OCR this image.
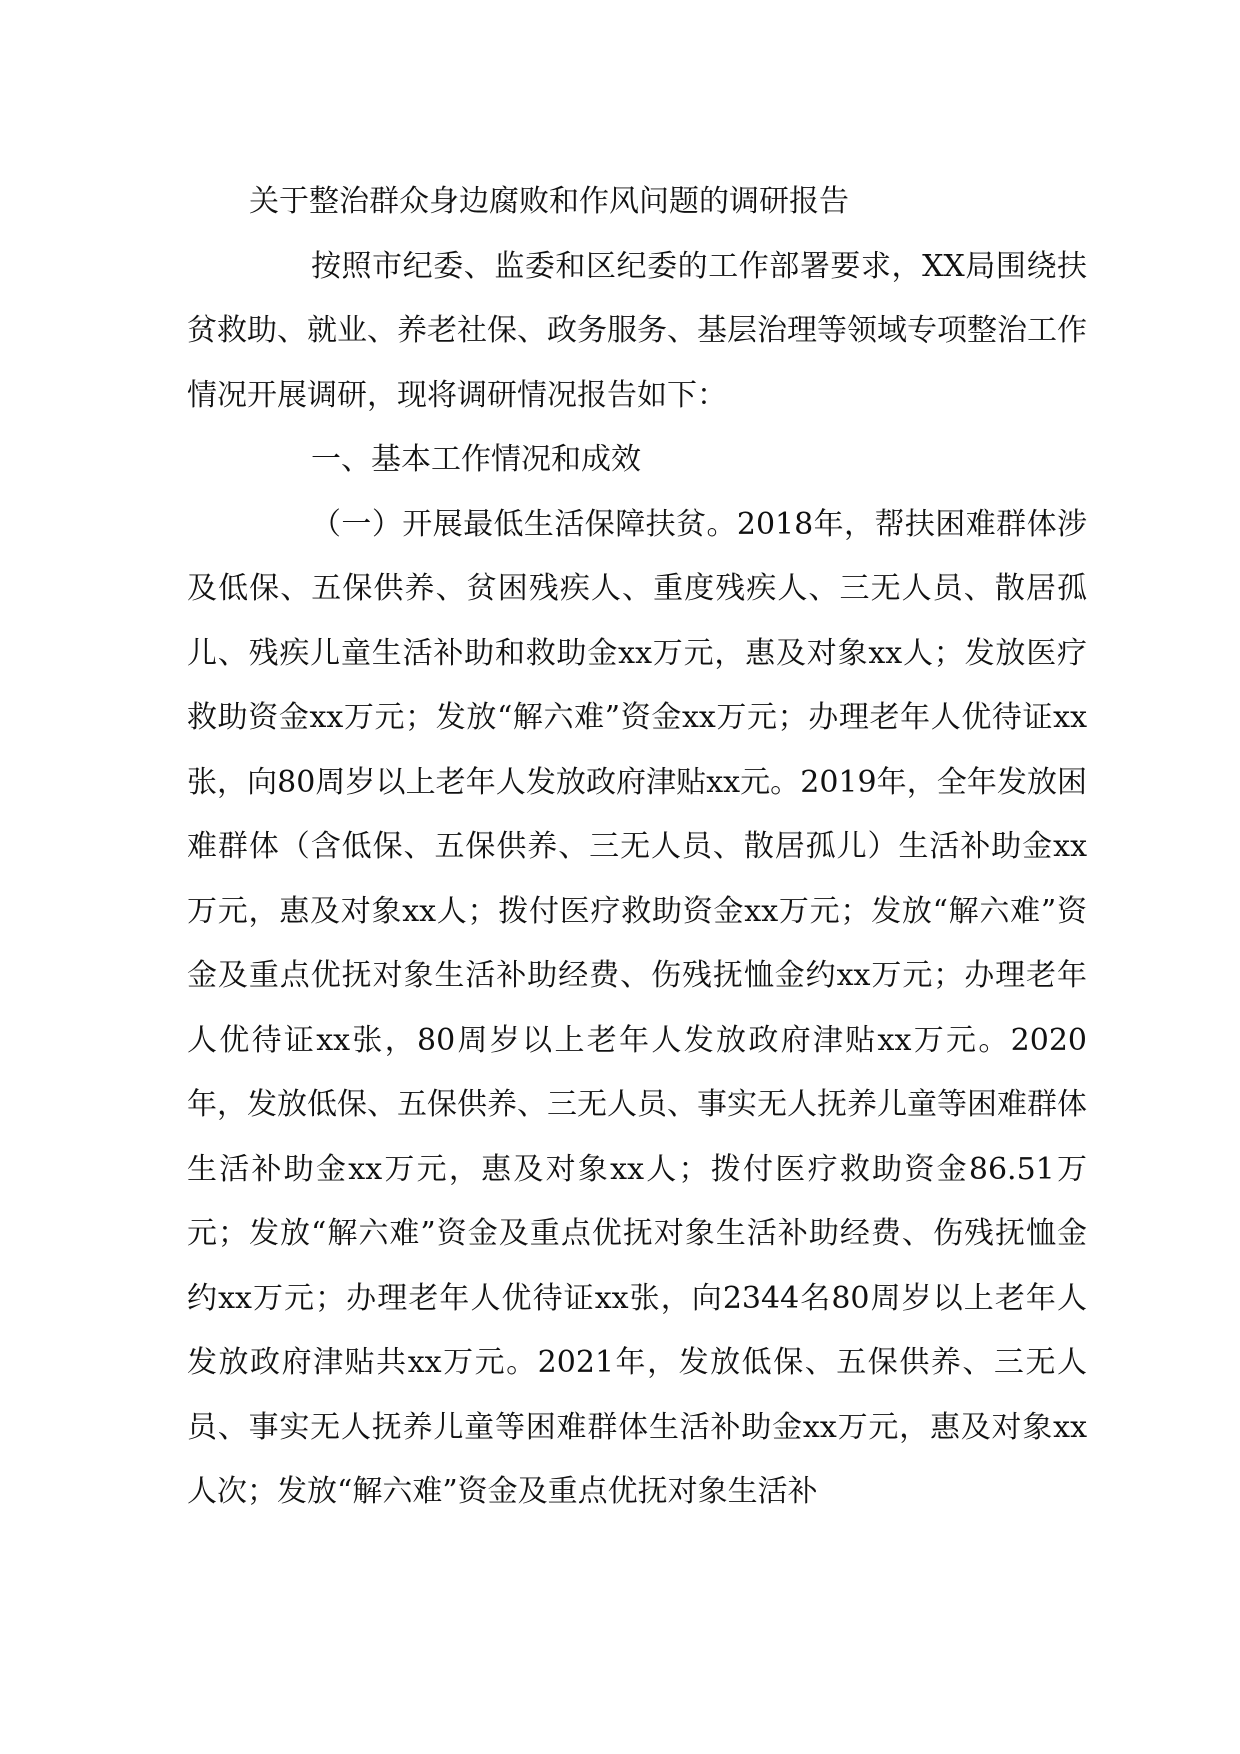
关于整治群众身边腐败和作风问题的调研报告

按照市纪委、监委和区纪委的工作部署要求，XX局围绕扶贫救助、就业、养老社保、政务服务、基层治理等领域专项整治工作情况开展调研，现将调研情况报告如下：

一、基本工作情况和成效

（一）开展最低生活保障扶贫。2018年，帮扶困难群体涉及低保、五保供养、贫困残疾人、重度残疾人、三无人员、散居孤儿、残疾儿童生活补助和救助金xx万元，惠及对象xx人；发放医疗救助资金xx万元；发放“解六难”资金xx万元；办理老年人优待证xx张，向80周岁以上老年人发放政府津贴xx元。2019年，全年发放困难群体（含低保、五保供养、三无人员、散居孤儿）生活补助金xx万元，惠及对象xx人；拨付医疗救助资金xx万元；发放“解六难”资金及重点优抚对象生活补助经费、伤残抚恤金约xx万元；办理老年人优待证xx张，80周岁以上老年人发放政府津贴xx万元。2020年，发放低保、五保供养、三无人员、事实无人抚养儿童等困难群体生活补助金xx万元，惠及对象xx人；拨付医疗救助资金86.51万元；发放“解六难”资金及重点优抚对象生活补助经费、伤残抚恤金约xx万元；办理老年人优待证xx张，向2344名80周岁以上老年人发放政府津贴共xx万元。2021年，发放低保、五保供养、三无人员、事实无人抚养儿童等困难群体生活补助金xx万元，惠及对象xx人次；发放“解六难”资金及重点优抚对象生活补
